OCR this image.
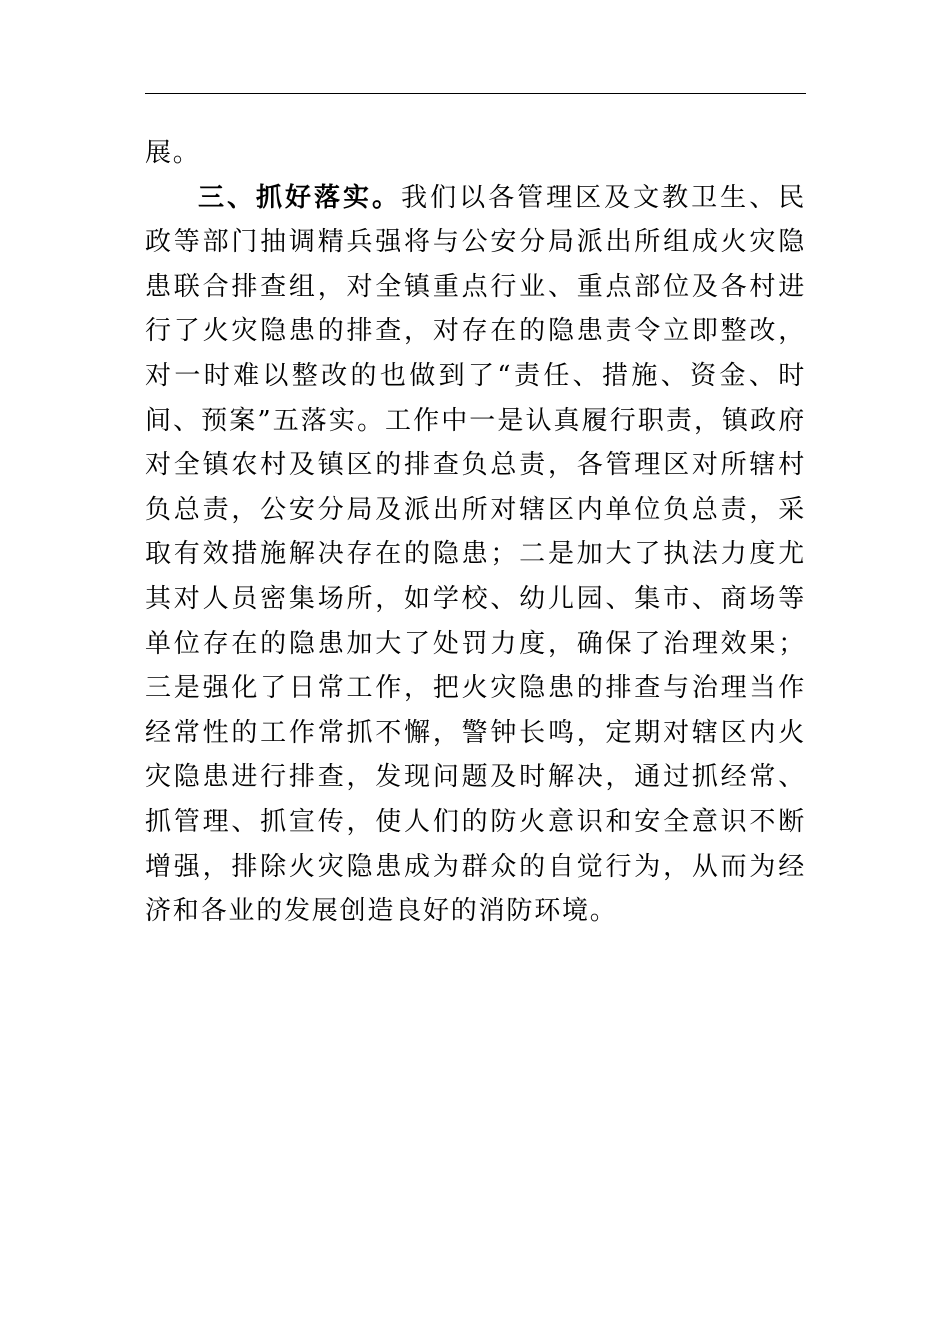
展。

三、抓好落实。我们以各管理区及文教卫生、民政等部门抽调精兵强将与公安分局派出所组成火灾隐患联合排查组，对全镇重点行业、重点部位及各村进行了火灾隐患的排查，对存在的隐患责令立即整改，对一时难以整改的也做到了“责任、措施、资金、时间、预案”五落实。工作中一是认真履行职责，镇政府对全镇农村及镇区的排查负总责，各管理区对所辖村负总责，公安分局及派出所对辖区内单位负总责，采取有效措施解决存在的隐患；二是加大了执法力度尤其对人员密集场所，如学校、幼儿园、集市、商场等单位存在的隐患加大了处罚力度，确保了治理效果；三是强化了日常工作，把火灾隐患的排查与治理当作经常性的工作常抓不懈，警钟长鸣，定期对辖区内火灾隐患进行排查，发现问题及时解决，通过抓经常、抓管理、抓宣传，使人们的防火意识和安全意识不断增强，排除火灾隐患成为群众的自觉行为，从而为经济和各业的发展创造良好的消防环境。
